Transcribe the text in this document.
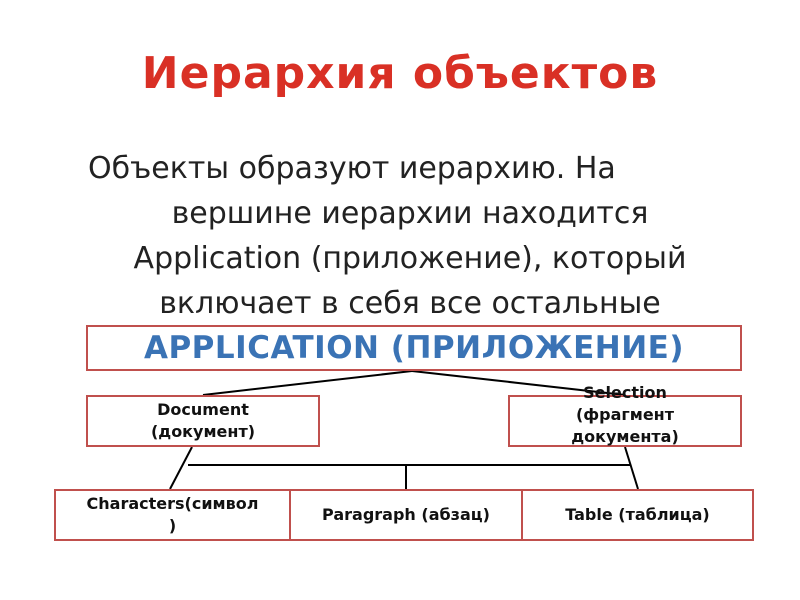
Иерархия объектов
Объекты образуют иерархию. На
вершине иерархии находится
Application (приложение), который
включает в себя все остальные
APPLICATION (ПРИЛОЖЕНИЕ)
Document
(документ)
Selection
(фрагмент
документа)
Characters(символ
)
Paragraph (абзац)	Table (таблица)
